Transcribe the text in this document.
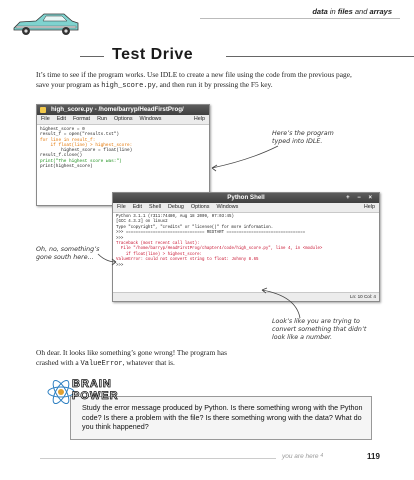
data in files and arrays
Test Drive
It’s time to see if the program works. Use IDLE to create a new file using the code from the previous page, save your program as high_score.py, and then run it by pressing the F5 key.
high_score.py - /home/barryp/HeadFirstProg/
File Edit Format Run Options Windows	Help
highest_score = 0
result_f = open("results.txt")
for line in result_f:
if float(line) > highest_score:
highest_score = float(line)
result_f.close()
print("The highest score was:")
print(highest_score)
Python Shell	+ − ×
File Edit Shell Debug Options Windows	Help
Python 3.1.1 (r311:74480, Aug 18 2009, 07:03:45)
[GCC 4.3.2] on linux2
Type "copyright", "credits" or "license()" for more information.
>>> ================================ RESTART ================================
>>>
Traceback (most recent call last):
File "/home/barryp/HeadFirstProg/chapter4/code/high_score.py", line 4, in <module>
if float(line) > highest_score:
ValueError: could not convert string to float: Johnny 8.65
>>>
Ln: 10 Col: 4
Here’s the program typed into IDLE.
Oh, no, something’s gone south here...
Look’s like you are trying to convert something that didn’t look like a number.
Oh dear. It looks like something’s gone wrong! The program has crashed with a ValueError, whatever that is.
BRAIN
POWER
Study the error message produced by Python. Is there something wrong with the Python code? Is there a problem with the file? Is there something wrong with the data? What do you think happened?
you are here 4	119
